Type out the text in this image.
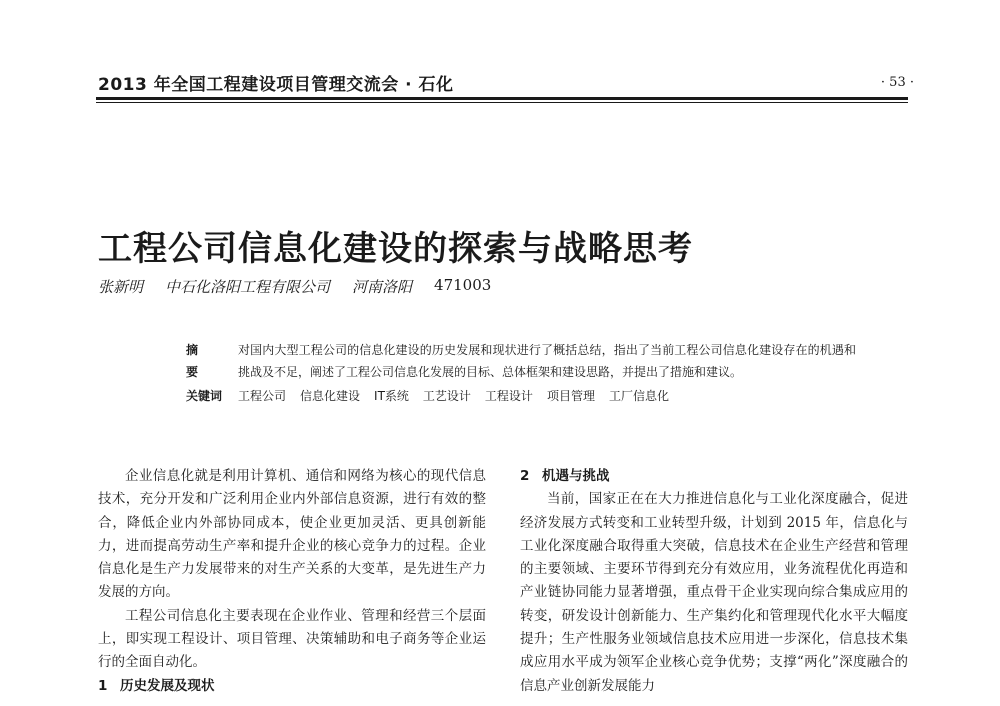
2013 年全国工程建设项目管理交流会 · 石化	· 53 ·
工程公司信息化建设的探索与战略思考
张新明 中石化洛阳工程有限公司 河南洛阳 471003
摘　要
对国内大型工程公司的信息化建设的历史发展和现状进行了概括总结，指出了当前工程公司信息化建设存在的机遇和挑战及不足，阐述了工程公司信息化发展的目标、总体框架和建设思路，并提出了措施和建议。
关键词	工程公司 信息化建设 IT系统 工艺设计 工程设计 项目管理 工厂信息化

企业信息化就是利用计算机、通信和网络为核心的现代信息技术，充分开发和广泛利用企业内外部信息资源，进行有效的整合，降低企业内外部协同成本，使企业更加灵活、更具创新能力，进而提高劳动生产率和提升企业的核心竞争力的过程。企业信息化是生产力发展带来的对生产关系的大变革，是先进生产力发展的方向。

工程公司信息化主要表现在企业作业、管理和经营三个层面上，即实现工程设计、项目管理、决策辅助和电子商务等企业运行的全面自动化。

1 历史发展及现状

2 机遇与挑战

当前，国家正在在大力推进信息化与工业化深度融合，促进经济发展方式转变和工业转型升级，计划到 2015 年，信息化与工业化深度融合取得重大突破，信息技术在企业生产经营和管理的主要领域、主要环节得到充分有效应用，业务流程优化再造和产业链协同能力显著增强，重点骨干企业实现向综合集成应用的转变，研发设计创新能力、生产集约化和管理现代化水平大幅度提升；生产性服务业领域信息技术应用进一步深化，信息技术集成应用水平成为领军企业核心竞争优势；支撑“两化”深度融合的信息产业创新发展能力
